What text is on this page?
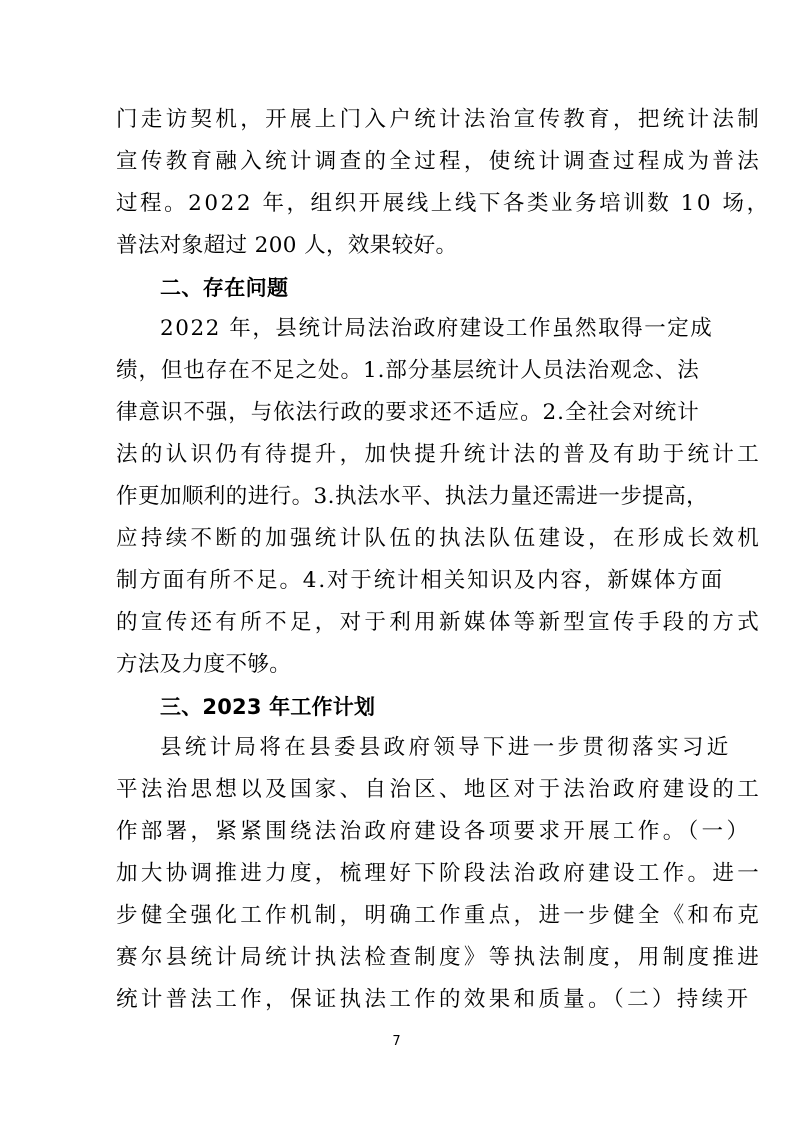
门走访契机，开展上门入户统计法治宣传教育，把统计法制
宣传教育融入统计调查的全过程，使统计调查过程成为普法
过程。2022 年，组织开展线上线下各类业务培训数 10 场，
普法对象超过 200 人，效果较好。
二、存在问题
2022 年，县统计局法治政府建设工作虽然取得一定成
绩，但也存在不足之处。1.部分基层统计人员法治观念、法
律意识不强，与依法行政的要求还不适应。2.全社会对统计
法的认识仍有待提升，加快提升统计法的普及有助于统计工
作更加顺利的进行。3.执法水平、执法力量还需进一步提高，
应持续不断的加强统计队伍的执法队伍建设，在形成长效机
制方面有所不足。4.对于统计相关知识及内容，新媒体方面
的宣传还有所不足，对于利用新媒体等新型宣传手段的方式
方法及力度不够。
三、2023 年工作计划
县统计局将在县委县政府领导下进一步贯彻落实习近
平法治思想以及国家、自治区、地区对于法治政府建设的工
作部署，紧紧围绕法治政府建设各项要求开展工作。（一）
加大协调推进力度，梳理好下阶段法治政府建设工作。进一
步健全强化工作机制，明确工作重点，进一步健全《和布克
赛尔县统计局统计执法检查制度》等执法制度，用制度推进
统计普法工作，保证执法工作的效果和质量。（二）持续开
7
